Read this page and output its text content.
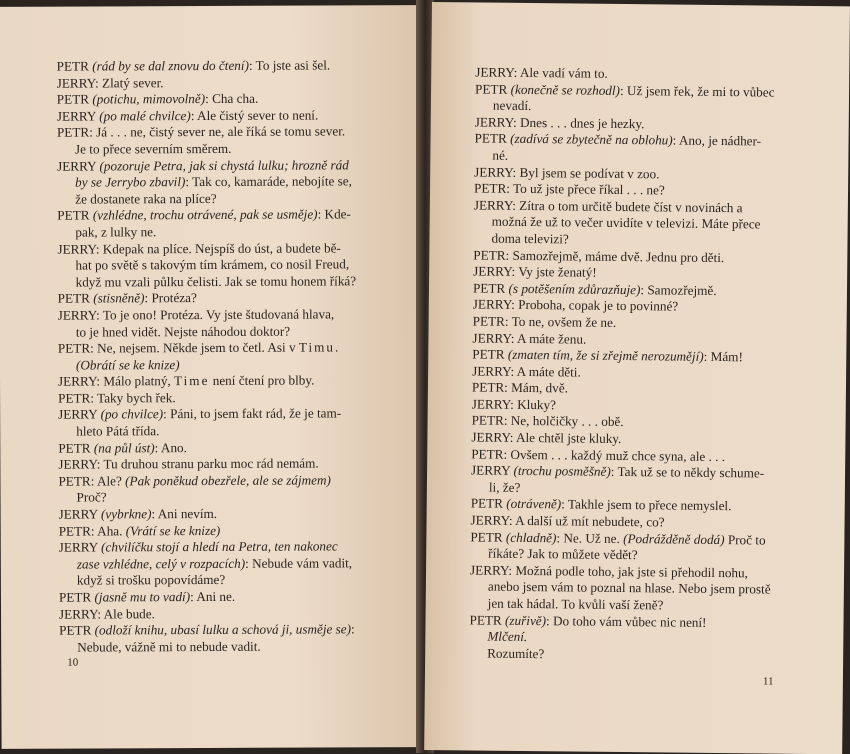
PETR (rád by se dal znovu do čtení): To jste asi šel.
JERRY: Zlatý sever.
PETR (potichu, mimovolně): Cha cha.
JERRY (po malé chvilce): Ale čistý sever to není.
PETR: Já . . . ne, čistý sever ne, ale říká se tomu sever.
Je to přece severním směrem.
JERRY (pozoruje Petra, jak si chystá lulku; hrozně rád
by se Jerrybo zbavil): Tak co, kamaráde, nebojíte se,
že dostanete raka na plíce?
PETR (vzhlédne, trochu otrávené, pak se usměje): Kde-
pak, z lulky ne.
JERRY: Kdepak na plíce. Nejspíš do úst, a budete bě-
hat po světě s takovým tím krámem, co nosil Freud,
když mu vzali půlku čelisti. Jak se tomu honem říká?
PETR (stisněně): Protéza?
JERRY: To je ono! Protéza. Vy jste študovaná hlava,
to je hned vidět. Nejste náhodou doktor?
PETR: Ne, nejsem. Někde jsem to četl. Asi v Timu.
(Obrátí se ke knize)
JERRY: Málo platný, Time není čtení pro blby.
PETR: Taky bych řek.
JERRY (po chvilce): Páni, to jsem fakt rád, že je tam-
hleto Pátá třída.
PETR (na půl úst): Ano.
JERRY: Tu druhou stranu parku moc rád nemám.
PETR: Ale? (Pak poněkud obezřele, ale se zájmem)
Proč?
JERRY (vybrkne): Ani nevím.
PETR: Aha. (Vrátí se ke knize)
JERRY (chvilíčku stojí a hledí na Petra, ten nakonec
zase vzhlédne, celý v rozpacích): Nebude vám vadit,
když si trošku popovídáme?
PETR (jasně mu to vadí): Ani ne.
JERRY: Ale bude.
PETR (odloží knihu, ubasí lulku a schová ji, usměje se):
Nebude, vážně mi to nebude vadit.
10
JERRY: Ale vadí vám to.
PETR (konečně se rozhodl): Už jsem řek, že mi to vůbec
nevadí.
JERRY: Dnes . . . dnes je hezky.
PETR (zadívá se zbytečně na oblohu): Ano, je nádher-
né.
JERRY: Byl jsem se podívat v zoo.
PETR: To už jste přece říkal . . . ne?
JERRY: Zítra o tom určitě budete číst v novinách a
možná že už to večer uvidíte v televizi. Máte přece
doma televizi?
PETR: Samozřejmě, máme dvě. Jednu pro děti.
JERRY: Vy jste ženatý!
PETR (s potěšením zdůrazňuje): Samozřejmě.
JERRY: Proboha, copak je to povinné?
PETR: To ne, ovšem že ne.
JERRY: A máte ženu.
PETR (zmaten tím, že si zřejmě nerozumějí): Mám!
JERRY: A máte děti.
PETR: Mám, dvě.
JERRY: Kluky?
PETR: Ne, holčičky . . . obě.
JERRY: Ale chtěl jste kluky.
PETR: Ovšem . . . každý muž chce syna, ale . . .
JERRY (trochu posměšně): Tak už se to někdy schume-
li, že?
PETR (otráveně): Takhle jsem to přece nemyslel.
JERRY: A další už mít nebudete, co?
PETR (chladně): Ne. Už ne. (Podrážděně dodá) Proč to
říkáte? Jak to můžete vědět?
JERRY: Možná podle toho, jak jste si přehodil nohu,
anebo jsem vám to poznal na hlase. Nebo jsem prostě
jen tak hádal. To kvůli vaší ženě?
PETR (zuřivě): Do toho vám vůbec nic není!
Mlčení.
Rozumíte?
11
